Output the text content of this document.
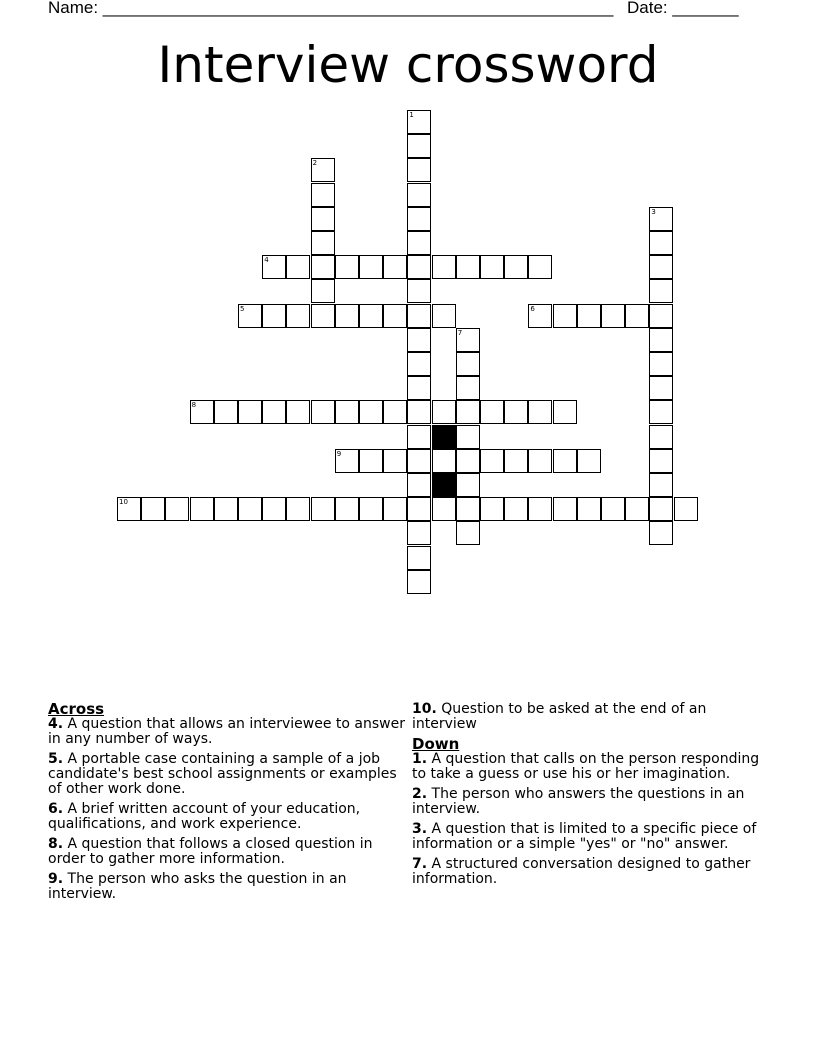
Name: ______________________________________________________ Date: _______
Interview crossword
1
2
3
4
5	6
7
8
9
10

Across

4. A question that allows an interviewee to answer in any number of ways.

5. A portable case containing a sample of a job candidate's best school assignments or examples of other work done.

6. A brief written account of your education, qualifications, and work experience.

8. A question that follows a closed question in order to gather more information.

9. The person who asks the question in an interview.

10. Question to be asked at the end of an interview

Down

1. A question that calls on the person responding to take a guess or use his or her imagination.

2. The person who answers the questions in an interview.

3. A question that is limited to a specific piece of information or a simple "yes" or "no" answer.

7. A structured conversation designed to gather information.
